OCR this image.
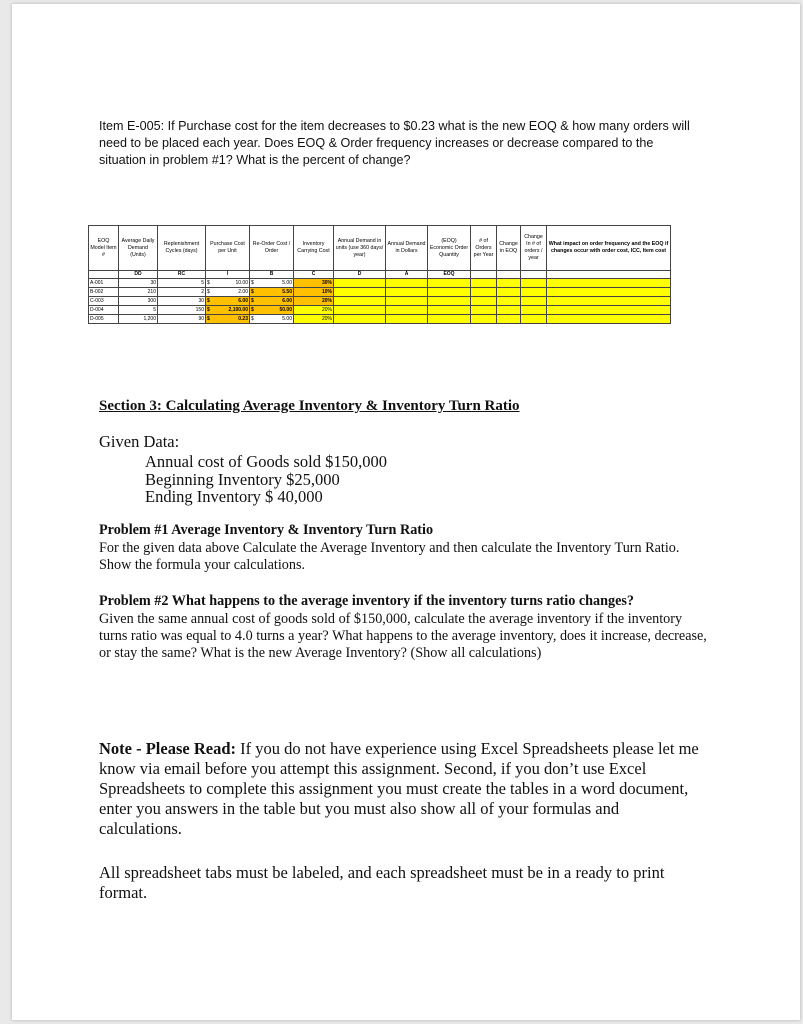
Item E-005: If Purchase cost for the item decreases to $0.23 what is the new EOQ & how many orders will need to be placed each year. Does EOQ & Order frequency increases or decrease compared to the situation in problem #1? What is the percent of change?
EOQ Model Item #	Average Daily Demand (Units)	Replenishment Cycles (days)	Purchase Cost per Unit	Re-Order Cost / Order	Inventory Carrying Cost	Annual Demand in units (use 360 days/ year)	Annual Demand in Dollars	(EOQ) Economic Order Quantity	# of Orders per Year	Change in EOQ	Change In # of orders / year	What impact on order frequency and the EOQ if changes occur with order cost, ICC, Item cost
	DD	RC	I	B	C	D	A	EOQ				
A-001	30	5	$ 10.00	$ 5.00	30%							
B-002	210	2	$ 2.00	$ 5.50	10%							
C-003	300	30	$ 6.00	$ 6.00	20%							
D-004	5	150	$ 2,100.00	$ 50.00	20%							
D-005	1,200	90	$ 0.23	$ 5.00	20%							
Section 3: Calculating Average Inventory & Inventory Turn Ratio
Given Data:
Annual cost of Goods sold $150,000
Beginning Inventory $25,000
Ending Inventory $ 40,000
Problem #1 Average Inventory & Inventory Turn Ratio
For the given data above Calculate the Average Inventory and then calculate the Inventory Turn Ratio. Show the formula your calculations.
Problem #2 What happens to the average inventory if the inventory turns ratio changes?
Given the same annual cost of goods sold of $150,000, calculate the average inventory if the inventory turns ratio was equal to 4.0 turns a year? What happens to the average inventory, does it increase, decrease, or stay the same? What is the new Average Inventory? (Show all calculations)
Note - Please Read: If you do not have experience using Excel Spreadsheets please let me know via email before you attempt this assignment. Second, if you don’t use Excel Spreadsheets to complete this assignment you must create the tables in a word document, enter you answers in the table but you must also show all of your formulas and calculations.
All spreadsheet tabs must be labeled, and each spreadsheet must be in a ready to print format.
